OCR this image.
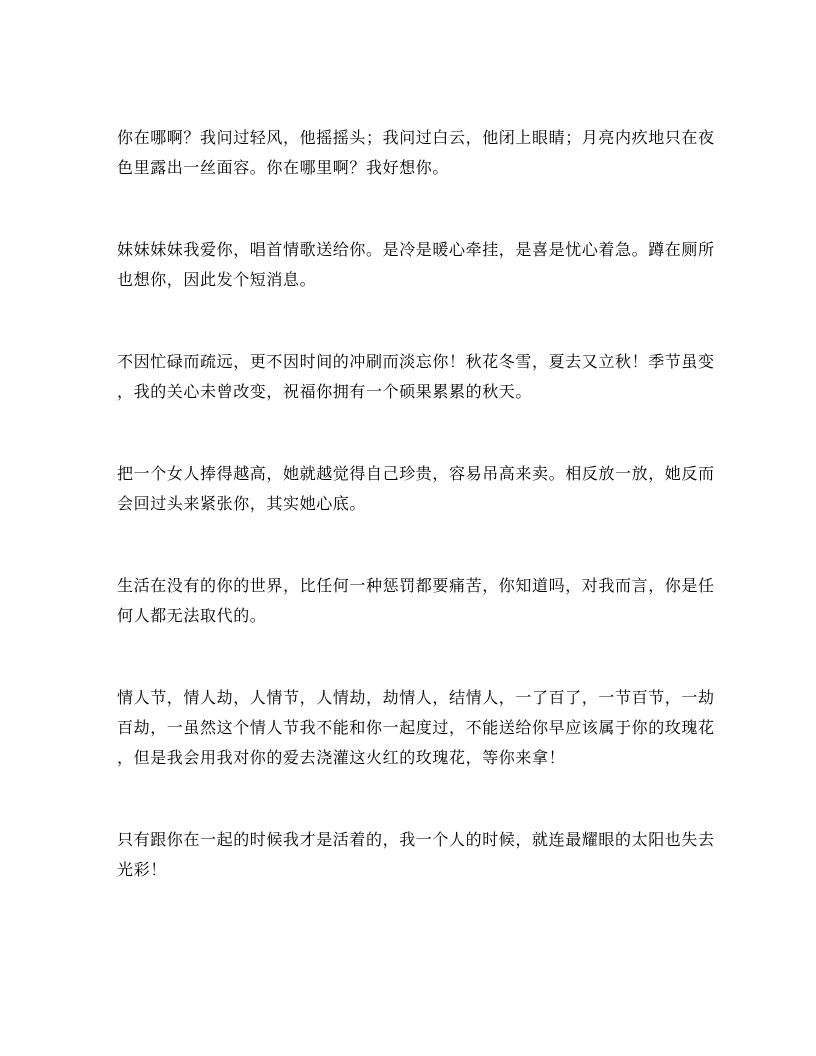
你在哪啊？我问过轻风，他摇摇头；我问过白云，他闭上眼睛；月亮内疚地只在夜
色里露出一丝面容。你在哪里啊？我好想你。
妹妹妹妹我爱你，唱首情歌送给你。是冷是暖心牵挂，是喜是忧心着急。蹲在厕所
也想你，因此发个短消息。
不因忙碌而疏远，更不因时间的冲刷而淡忘你！秋花冬雪，夏去又立秋！季节虽变
，我的关心未曾改变，祝福你拥有一个硕果累累的秋天。
把一个女人捧得越高，她就越觉得自己珍贵，容易吊高来卖。相反放一放，她反而
会回过头来紧张你，其实她心底。
生活在没有的你的世界，比任何一种惩罚都要痛苦，你知道吗，对我而言，你是任
何人都无法取代的。
情人节，情人劫，人情节，人情劫，劫情人，结情人，一了百了，一节百节，一劫
百劫，一虽然这个情人节我不能和你一起度过，不能送给你早应该属于你的玫瑰花
，但是我会用我对你的爱去浇灌这火红的玫瑰花，等你来拿！
只有跟你在一起的时候我才是活着的，我一个人的时候，就连最耀眼的太阳也失去
光彩！
